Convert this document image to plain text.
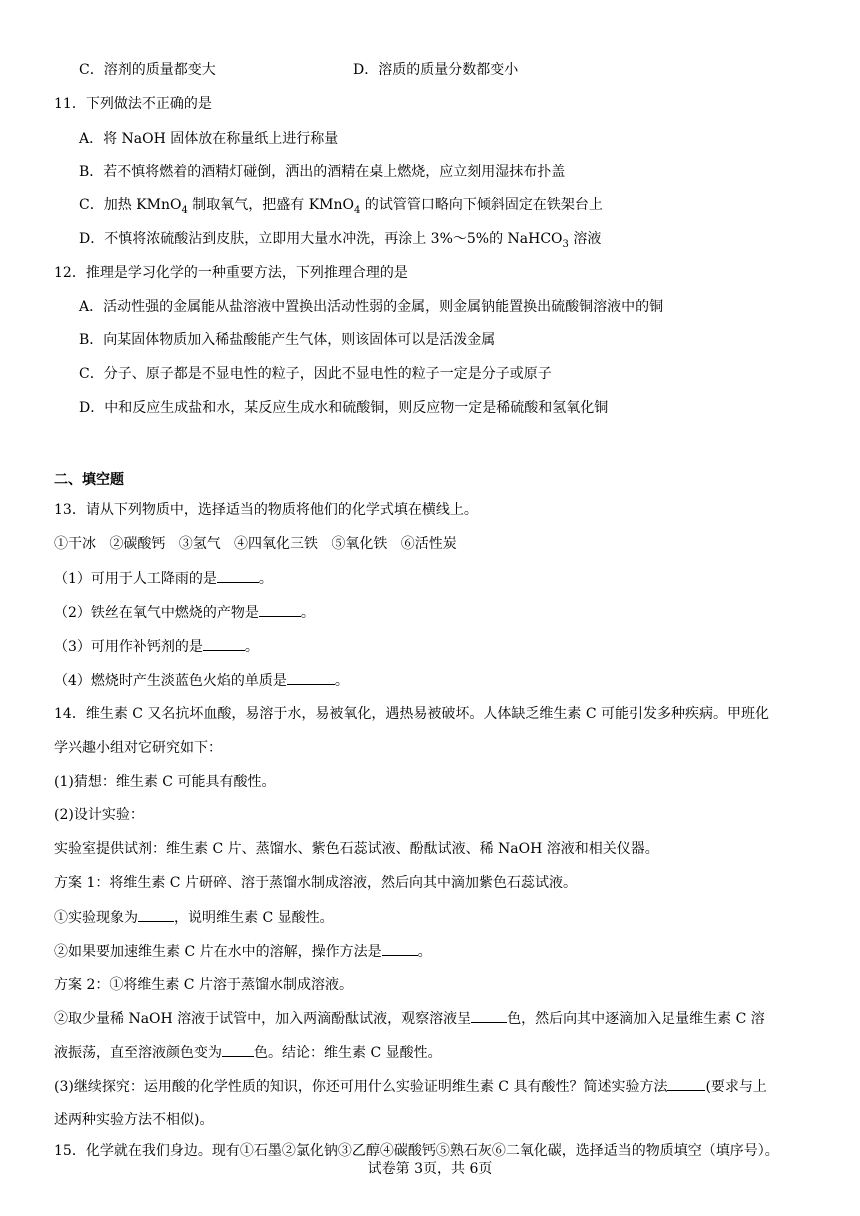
C．溶剂的质量都变大	D．溶质的质量分数都变小
11．下列做法不正确的是
A．将 NaOH 固体放在称量纸上进行称量
B．若不慎将燃着的酒精灯碰倒，洒出的酒精在桌上燃烧，应立刻用湿抹布扑盖
C．加热 KMnO$_4$ 制取氧气，把盛有 KMnO$_4$ 的试管管口略向下倾斜固定在铁架台上
D．不慎将浓硫酸沾到皮肤，立即用大量水冲洗，再涂上 3%～5%的 NaHCO$_3$ 溶液
12．推理是学习化学的一种重要方法，下列推理合理的是
A．活动性强的金属能从盐溶液中置换出活动性弱的金属，则金属钠能置换出硫酸铜溶液中的铜
B．向某固体物质加入稀盐酸能产生气体，则该固体可以是活泼金属
C．分子、原子都是不显电性的粒子，因此不显电性的粒子一定是分子或原子
D．中和反应生成盐和水，某反应生成水和硫酸铜，则反应物一定是稀硫酸和氢氧化铜
二、填空题
13．请从下列物质中，选择适当的物质将他们的化学式填在横线上。
①干冰   ②碳酸钙   ③氢气   ④四氧化三铁   ⑤氧化铁   ⑥活性炭
（1）可用于人工降雨的是	。
（2）铁丝在氧气中燃烧的产物是	。
（3）可用作补钙剂的是	。
（4）燃烧时产生淡蓝色火焰的单质是	。
14．维生素 C 又名抗坏血酸，易溶于水，易被氧化，遇热易被破坏。人体缺乏维生素 C 可能引发多种疾病。甲班化
学兴趣小组对它研究如下：
(1)猜想：维生素 C 可能具有酸性。
(2)设计实验：
实验室提供试剂：维生素 C 片、蒸馏水、紫色石蕊试液、酚酞试液、稀 NaOH 溶液和相关仪器。
方案 1：将维生素 C 片研碎、溶于蒸馏水制成溶液，然后向其中滴加紫色石蕊试液。
①实验现象为	，说明维生素 C 显酸性。
②如果要加速维生素 C 片在水中的溶解，操作方法是	。
方案 2：①将维生素 C 片溶于蒸馏水制成溶液。
②取少量稀 NaOH 溶液于试管中，加入两滴酚酞试液，观察溶液呈	色，然后向其中逐滴加入足量维生素 C 溶
液振荡，直至溶液颜色变为 色。结论：维生素 C 显酸性。
(3)继续探究：运用酸的化学性质的知识，你还可用什么实验证明维生素 C 具有酸性？简述实验方法	(要求与上
述两种实验方法不相似)。
15．化学就在我们身边。现有①石墨②氯化钠③乙醇④碳酸钙⑤熟石灰⑥二氧化碳，选择适当的物质填空（填序号）。
试卷第 3页，共 6页
